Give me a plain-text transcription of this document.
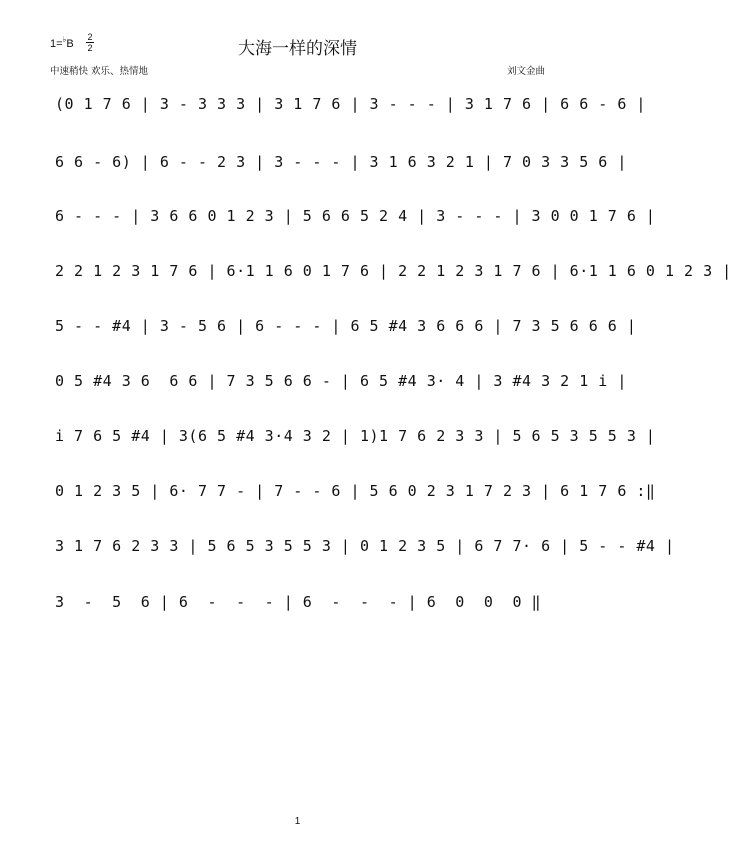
1=♭B
2
2	大海一样的深情
中速稍快 欢乐、热情地	刘文金曲
(0 1 7 6 | 3 - 3 3 3 | 3 1 7 6 | 3 - - - | 3 1 7 6 | 6 6 - 6 |
6 6 - 6) | 6 - - 2 3 | 3 - - - | 3 1 6 3 2 1 | 7 0 3 3 5 6 |
6 - - - | 3 6 6 0 1 2 3 | 5 6 6 5 2 4 | 3 - - - | 3 0 0 1 7 6 |
2 2 1 2 3 1 7 6 | 6·1 1 6 0 1 7 6 | 2 2 1 2 3 1 7 6 | 6·1 1 6 0 1 2 3 |
5 - - #4 | 3 - 5 6 | 6 - - - | 6 5 #4 3 6 6 6 | 7 3 5 6 6 6 |
0 5 #4 3 6  6 6 | 7 3 5 6 6 - | 6 5 #4 3· 4 | 3 #4 3 2 1 i |
i 7 6 5 #4 | 3(6 5 #4 3·4 3 2 | 1)1 7 6 2 3 3 | 5 6 5 3 5 5 3 |
0 1 2 3 5 | 6· 7 7 - | 7 - - 6 | 5 6 0 2 3 1 7 2 3 | 6 1 7 6 :‖
3 1 7 6 2 3 3 | 5 6 5 3 5 5 3 | 0 1 2 3 5 | 6 7 7· 6 | 5 - - #4 |
3  -  5  6 | 6  -  -  - | 6  -  -  - | 6  0  0  0 ‖
1
